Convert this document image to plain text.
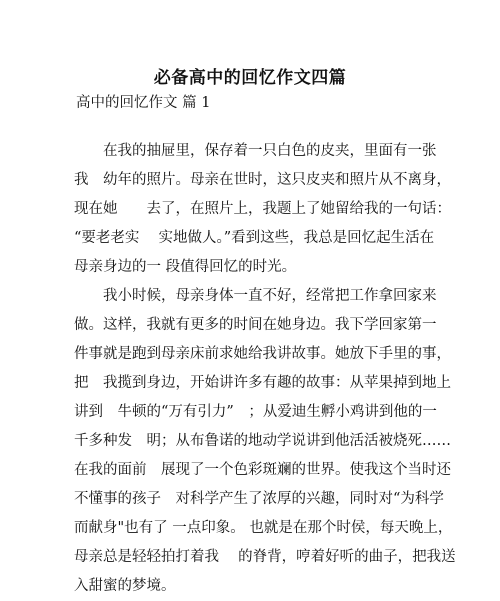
必备高中的回忆作文四篇
高中的回忆作文 篇 1
　　在我的抽屉里，保存着一只白色的皮夹，里面有一张
我　幼年的照片。母亲在世时，这只皮夹和照片从不离身，
现在她　　去了，在照片上，我题上了她留给我的一句话：
“要老老实　 实地做人。”看到这些，我总是回忆起生活在
母亲身边的一 段值得回忆的时光。
　　我小时候，母亲身体一直不好，经常把工作拿回家来
做。这样，我就有更多的时间在她身边。我下学回家第一
件事就是跑到母亲床前求她给我讲故事。她放下手里的事，
把　我揽到身边，开始讲许多有趣的故事：从苹果掉到地上
讲到　牛顿的“万有引力”　；从爱迪生孵小鸡讲到他的一
千多种发　明；从布鲁诺的地动学说讲到他活活被烧死……
在我的面前　展现了一个色彩斑斓的世界。使我这个当时还
不懂事的孩子　对科学产生了浓厚的兴趣，同时对“为科学
而献身"也有了 一点印象。 也就是在那个时侯，每天晚上，
母亲总是轻轻拍打着我　 的脊背，哼着好听的曲子，把我送
入甜蜜的梦境。
